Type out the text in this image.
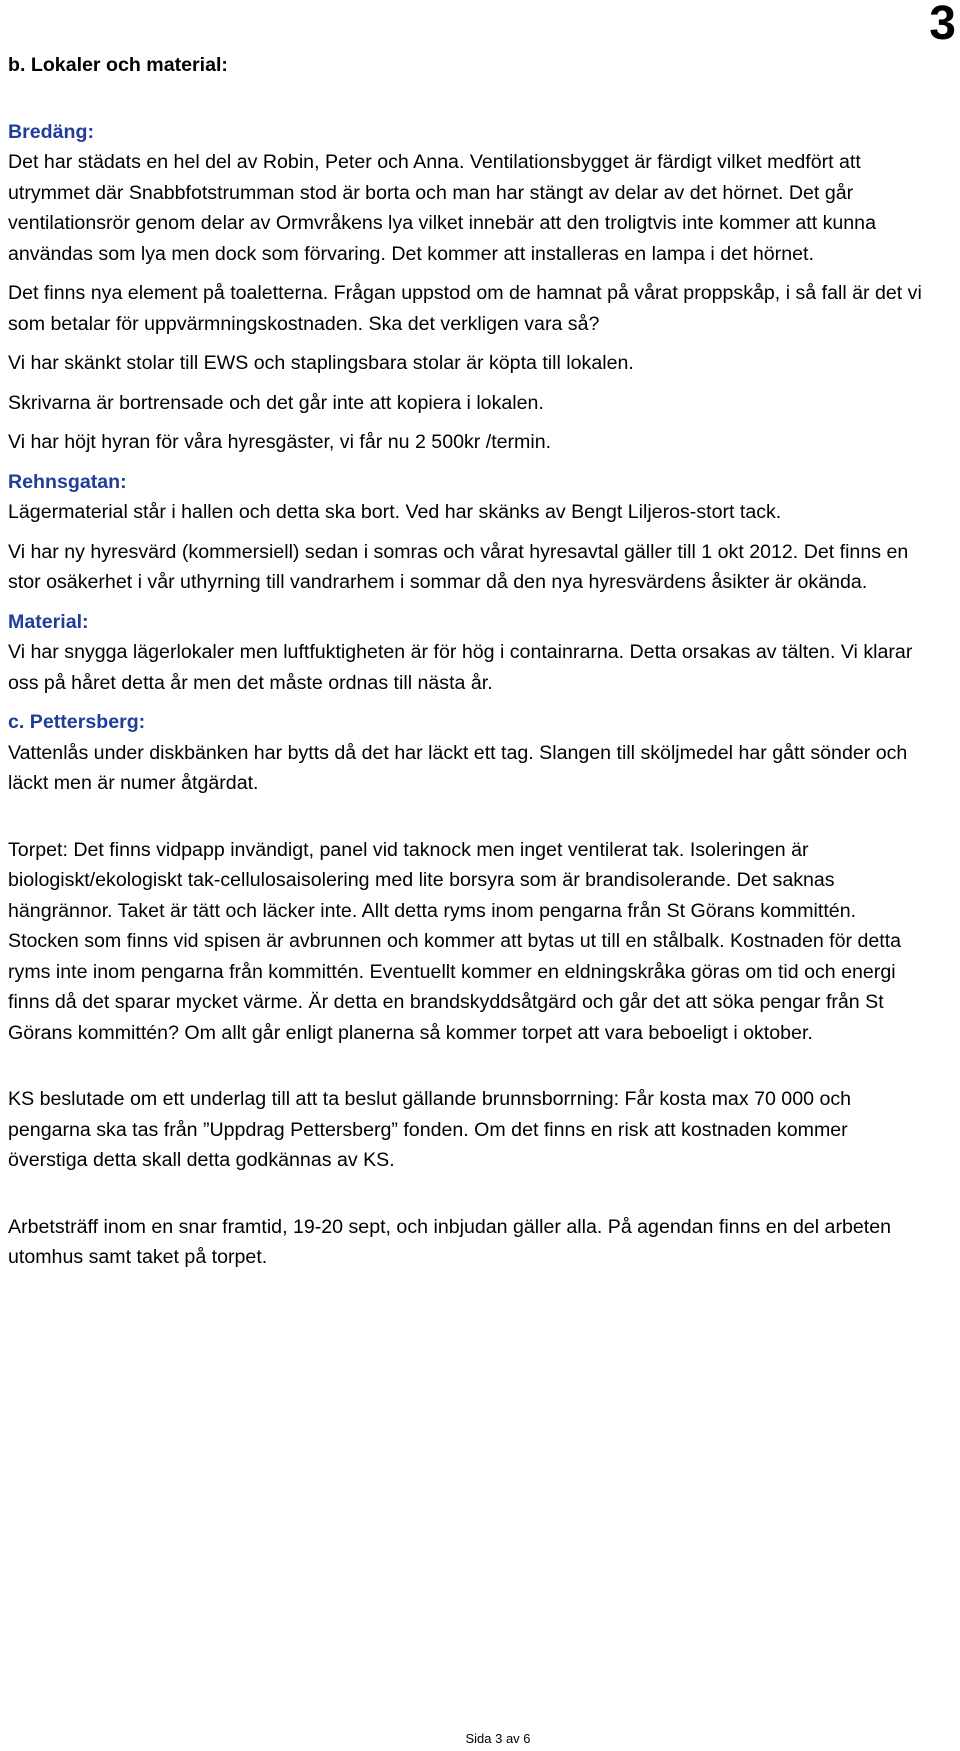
3

b. Lokaler och material:

Bredäng:

Det har städats en hel del av Robin, Peter och Anna. Ventilationsbygget är färdigt vilket medfört att utrymmet där Snabbfotstrumman stod är borta och man har stängt av delar av det hörnet. Det går ventilationsrör genom delar av Ormvråkens lya vilket innebär att den troligtvis inte kommer att kunna användas som lya men dock som förvaring. Det kommer att installeras en lampa i det hörnet.

Det finns nya element på toaletterna. Frågan uppstod om de hamnat på vårat proppskåp, i så fall är det vi som betalar för uppvärmningskostnaden. Ska det verkligen vara så?

Vi har skänkt stolar till EWS och staplingsbara stolar är köpta till lokalen.

Skrivarna är bortrensade och det går inte att kopiera i lokalen.

Vi har höjt hyran för våra hyresgäster, vi får nu 2 500kr /termin.

Rehnsgatan:

Lägermaterial står i hallen och detta ska bort. Ved har skänks av Bengt Liljeros-stort tack.

Vi har ny hyresvärd (kommersiell) sedan i somras och vårat hyresavtal gäller till 1 okt 2012. Det finns en stor osäkerhet i vår uthyrning till vandrarhem i sommar då den nya hyresvärdens åsikter är okända.

Material:

Vi har snygga lägerlokaler men luftfuktigheten är för hög i containrarna. Detta orsakas av tälten. Vi klarar oss på håret detta år men det måste ordnas till nästa år.

c. Pettersberg:

Vattenlås under diskbänken har bytts då det har läckt ett tag. Slangen till sköljmedel har gått sönder och läckt men är numer åtgärdat.

Torpet: Det finns vidpapp invändigt, panel vid taknock men inget ventilerat tak. Isoleringen är biologiskt/ekologiskt tak-cellulosaisolering med lite borsyra som är brandisolerande. Det saknas hängrännor. Taket är tätt och läcker inte. Allt detta ryms inom pengarna från St Görans kommittén. Stocken som finns vid spisen är avbrunnen och kommer att bytas ut till en stålbalk. Kostnaden för detta ryms inte inom pengarna från kommittén. Eventuellt kommer en eldningskråka göras om tid och energi finns då det sparar mycket värme. Är detta en brandskyddsåtgärd och går det att söka pengar från St Görans kommittén? Om allt går enligt planerna så kommer torpet att vara beboeligt i oktober.

KS beslutade om ett underlag till att ta beslut gällande brunnsborrning: Får kosta max 70 000 och pengarna ska tas från ”Uppdrag Pettersberg” fonden. Om det finns en risk att kostnaden kommer överstiga detta skall detta godkännas av KS.

Arbetsträff inom en snar framtid, 19-20 sept, och inbjudan gäller alla. På agendan finns en del arbeten utomhus samt taket på torpet.

Sida 3 av 6
